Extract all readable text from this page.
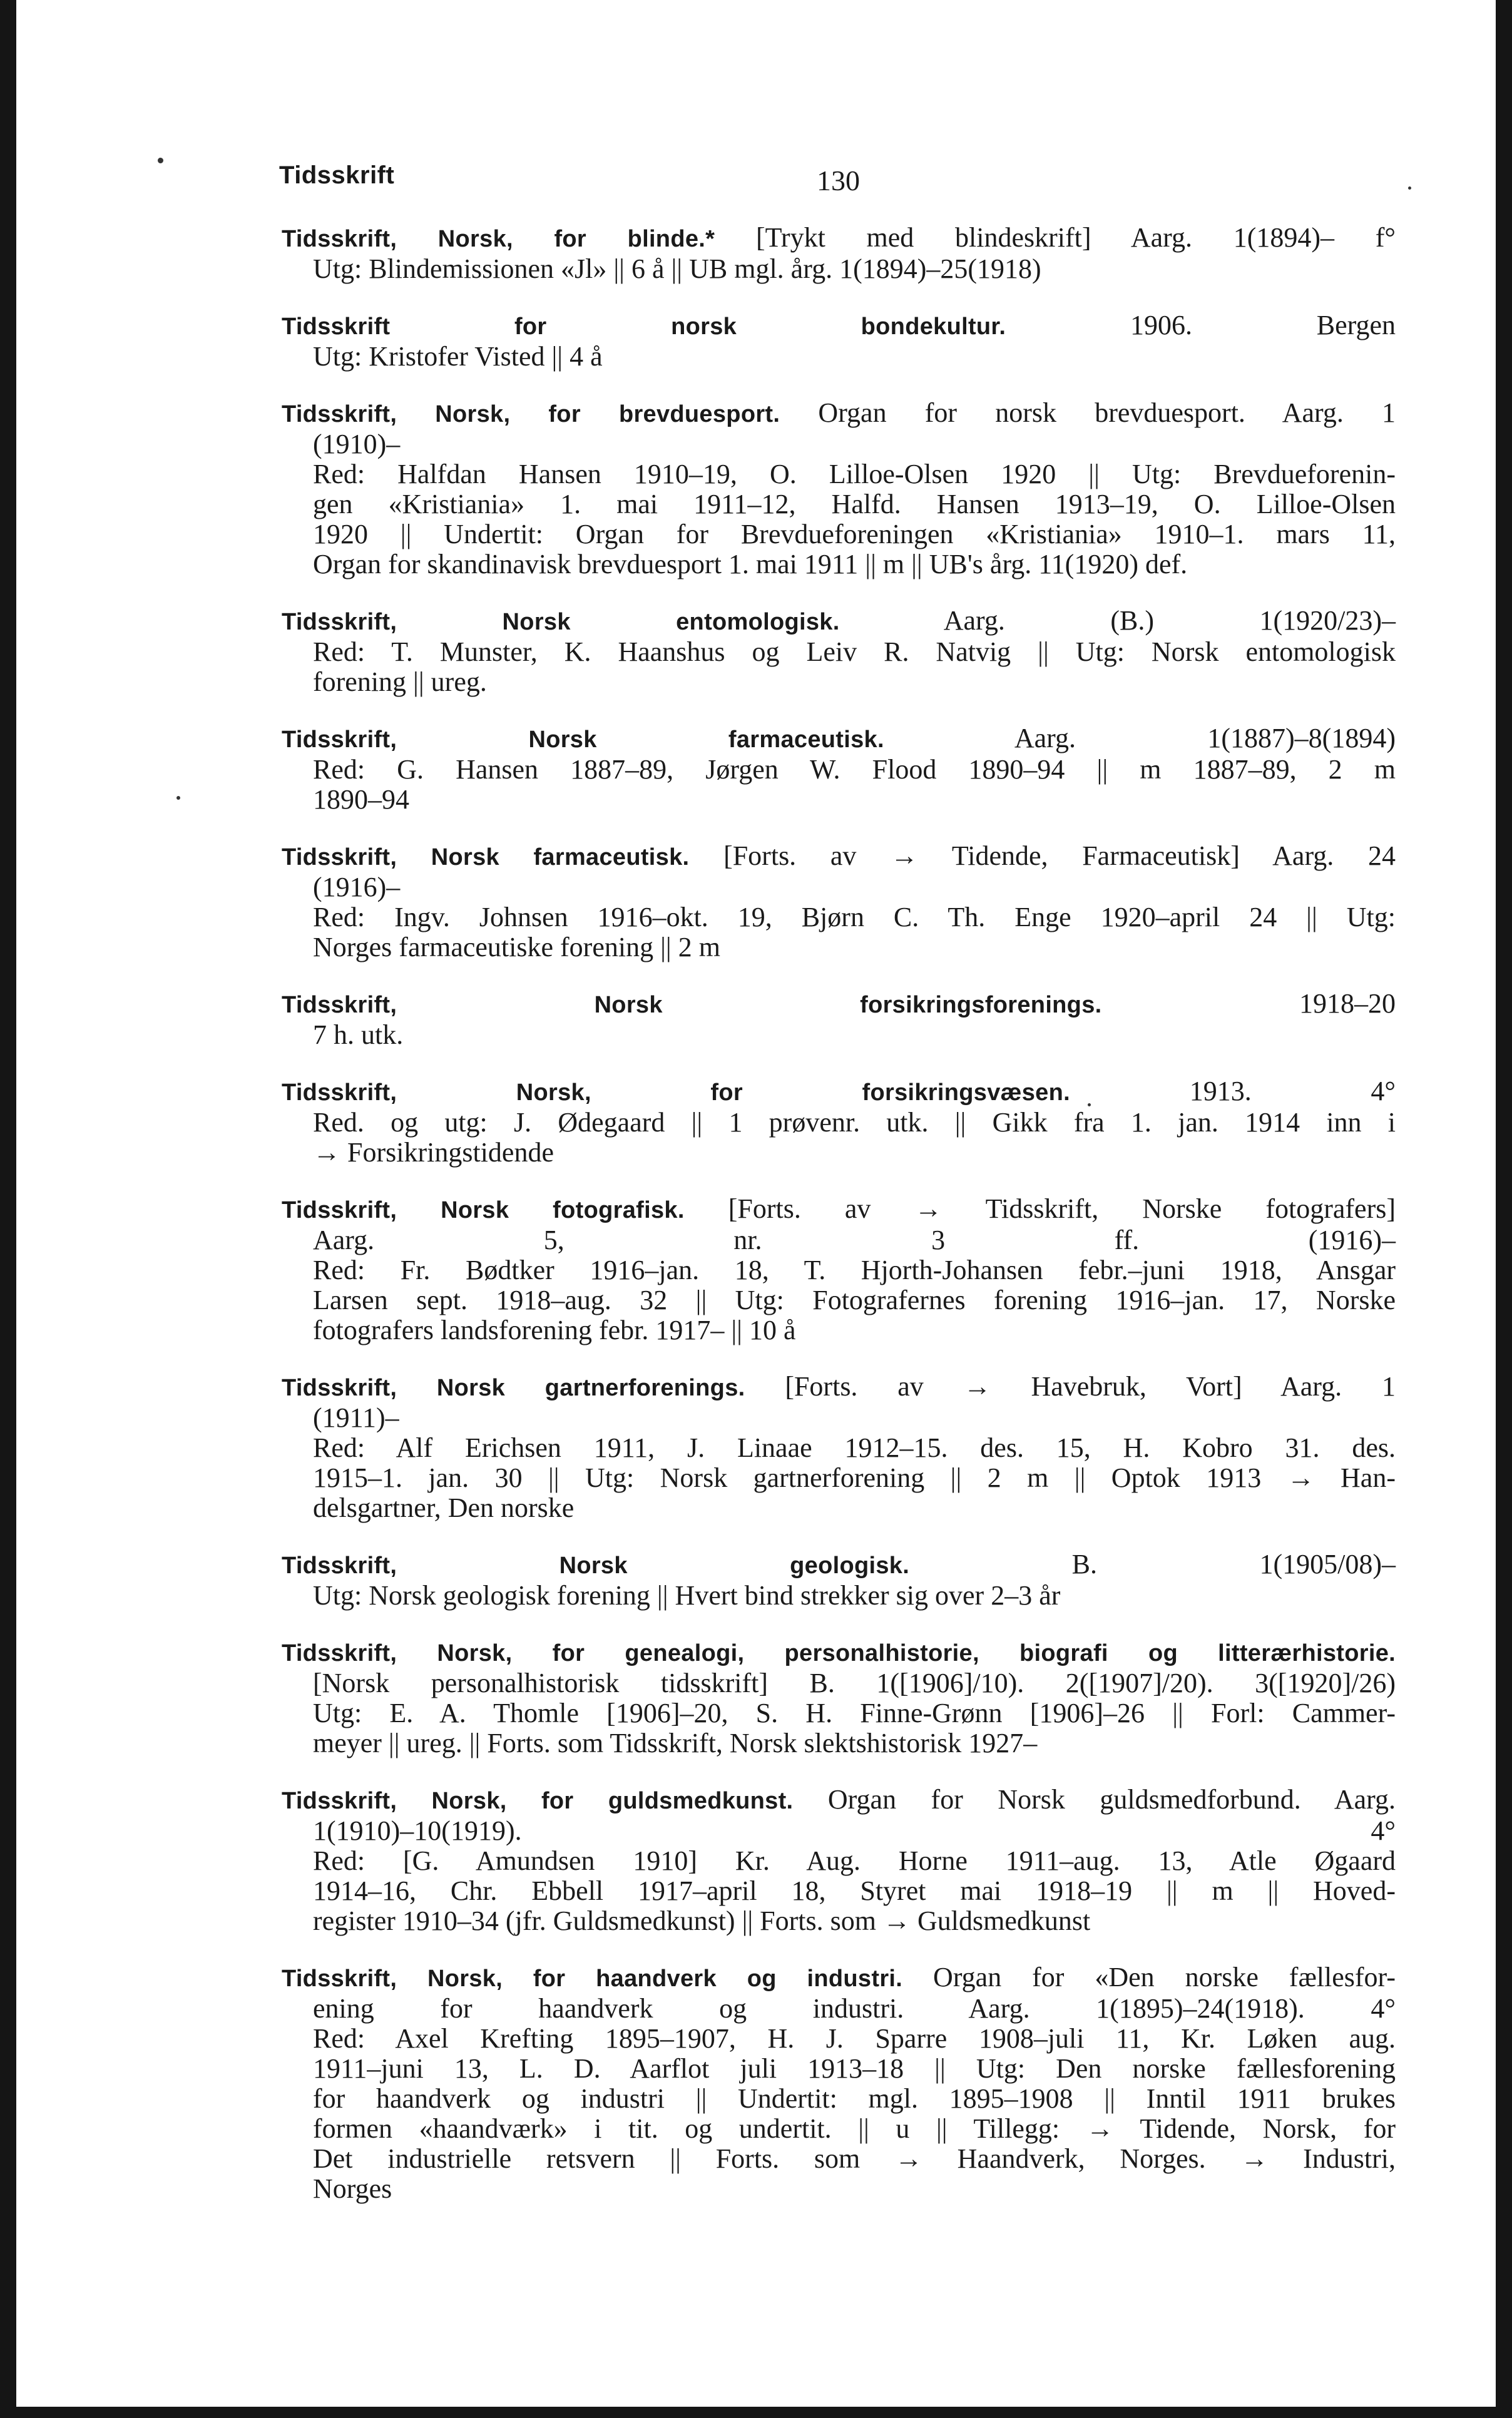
Tidsskrift	130
Tidsskrift, Norsk, for blinde.* [Trykt med blindeskrift] Aarg. 1(1894)– f°
Utg: Blindemissionen «Jl» || 6 å || UB mgl. årg. 1(1894)–25(1918)
Tidsskrift for norsk bondekultur.	1906. Bergen
Utg: Kristofer Visted || 4 å
Tidsskrift, Norsk, for brevduesport. Organ for norsk brevduesport. Aarg. 1
(1910)–
Red: Halfdan Hansen 1910–19, O. Lilloe-Olsen 1920 || Utg: Brevdueforenin-
gen «Kristiania» 1. mai 1911–12, Halfd. Hansen 1913–19, O. Lilloe-Olsen
1920 || Undertit: Organ for Brevdueforeningen «Kristiania» 1910–1. mars 11,
Organ for skandinavisk brevduesport 1. mai 1911 || m || UB's årg. 11(1920) def.
Tidsskrift, Norsk entomologisk.	Aarg. (B.) 1(1920/23)–
Red: T. Munster, K. Haanshus og Leiv R. Natvig || Utg: Norsk entomologisk
forening || ureg.
Tidsskrift, Norsk farmaceutisk.	Aarg. 1(1887)–8(1894)
Red: G. Hansen 1887–89, Jørgen W. Flood 1890–94 || m 1887–89, 2 m
1890–94
Tidsskrift, Norsk farmaceutisk. [Forts. av → Tidende, Farmaceutisk] Aarg. 24
(1916)–
Red: Ingv. Johnsen 1916–okt. 19, Bjørn C. Th. Enge 1920–april 24 || Utg:
Norges farmaceutiske forening || 2 m
Tidsskrift, Norsk forsikringsforenings.	1918–20
7 h. utk.
Tidsskrift, Norsk, for forsikringsvæsen.	1913. 4°
Red. og utg: J. Ødegaard || 1 prøvenr. utk. || Gikk fra 1. jan. 1914 inn i
→ Forsikringstidende
Tidsskrift, Norsk fotografisk. [Forts. av → Tidsskrift, Norske fotografers]
Aarg. 5, nr. 3 ff. (1916)–
Red: Fr. Bødtker 1916–jan. 18, T. Hjorth-Johansen febr.–juni 1918, Ansgar
Larsen sept. 1918–aug. 32 || Utg: Fotografernes forening 1916–jan. 17, Norske
fotografers landsforening febr. 1917– || 10 å
Tidsskrift, Norsk gartnerforenings. [Forts. av → Havebruk, Vort] Aarg. 1
(1911)–
Red: Alf Erichsen 1911, J. Linaae 1912–15. des. 15, H. Kobro 31. des.
1915–1. jan. 30 || Utg: Norsk gartnerforening || 2 m || Optok 1913 → Han-
delsgartner, Den norske
Tidsskrift, Norsk geologisk.	B. 1(1905/08)–
Utg: Norsk geologisk forening || Hvert bind strekker sig over 2–3 år
Tidsskrift, Norsk, for genealogi, personalhistorie, biografi og litterærhistorie.
[Norsk personalhistorisk tidsskrift] B. 1([1906]/10). 2([1907]/20). 3([1920]/26)
Utg: E. A. Thomle [1906]–20, S. H. Finne-Grønn [1906]–26 || Forl: Cammer-
meyer || ureg. || Forts. som Tidsskrift, Norsk slektshistorisk 1927–
Tidsskrift, Norsk, for guldsmedkunst. Organ for Norsk guldsmedforbund. Aarg.
1(1910)–10(1919). 4°
Red: [G. Amundsen 1910] Kr. Aug. Horne 1911–aug. 13, Atle Øgaard
1914–16, Chr. Ebbell 1917–april 18, Styret mai 1918–19 || m || Hoved-
register 1910–34 (jfr. Guldsmedkunst) || Forts. som → Guldsmedkunst
Tidsskrift, Norsk, for haandverk og industri. Organ for «Den norske fællesfor-
ening for haandverk og industri. Aarg. 1(1895)–24(1918). 4°
Red: Axel Krefting 1895–1907, H. J. Sparre 1908–juli 11, Kr. Løken aug.
1911–juni 13, L. D. Aarflot juli 1913–18 || Utg: Den norske fællesforening
for haandverk og industri || Undertit: mgl. 1895–1908 || Inntil 1911 brukes
formen «haandværk» i tit. og undertit. || u || Tillegg: → Tidende, Norsk, for
Det industrielle retsvern || Forts. som → Haandverk, Norges. → Industri,
Norges
